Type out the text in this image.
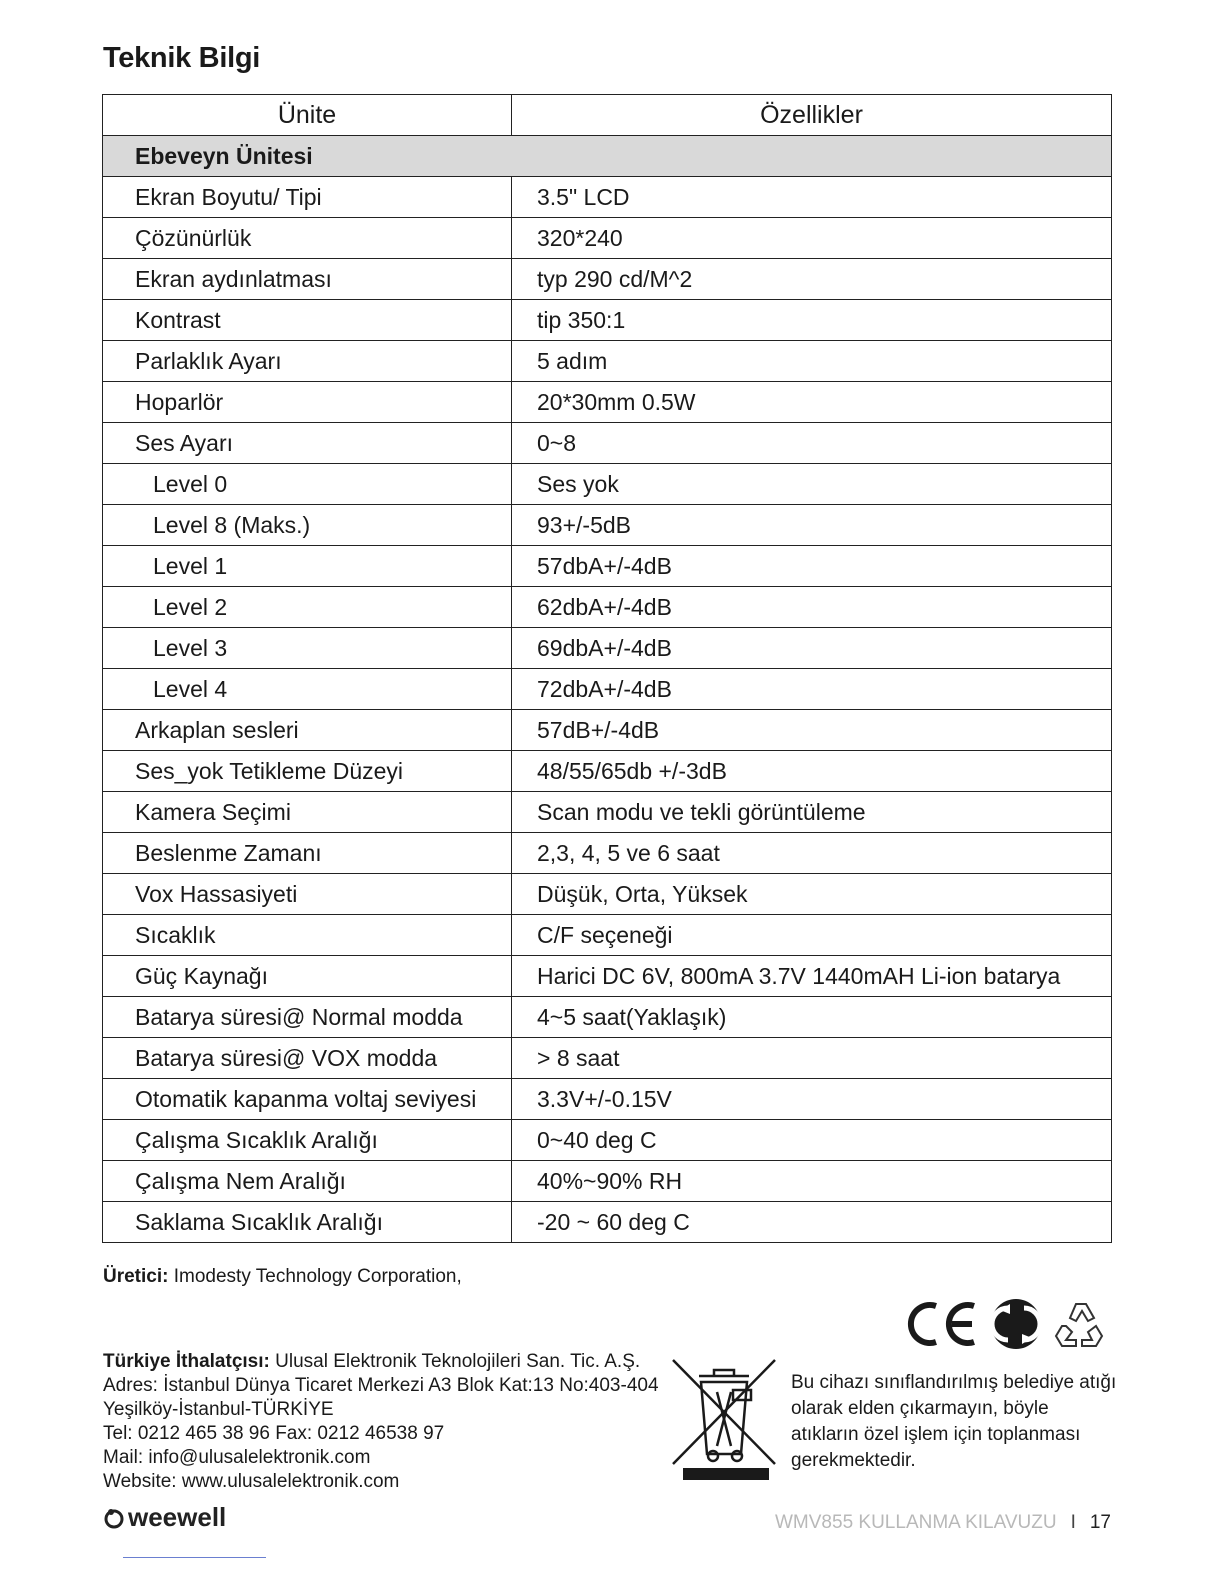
Teknik Bilgi
Ünite	Özellikler
Ebeveyn Ünitesi	
Ekran Boyutu/ Tipi	3.5" LCD
Çözünürlük	320*240
Ekran aydınlatması	typ 290 cd/M^2
Kontrast	tip 350:1
Parlaklık Ayarı	5 adım
Hoparlör	20*30mm 0.5W
Ses Ayarı	0~8
Level 0	Ses yok
Level 8 (Maks.)	93+/-5dB
Level 1	57dbA+/-4dB
Level 2	62dbA+/-4dB
Level 3	69dbA+/-4dB
Level 4	72dbA+/-4dB
Arkaplan sesleri	57dB+/-4dB
Ses_yok Tetikleme Düzeyi	48/55/65db +/-3dB
Kamera Seçimi	Scan modu ve tekli görüntüleme
Beslenme Zamanı	2,3, 4, 5 ve 6 saat
Vox Hassasiyeti	Düşük, Orta, Yüksek
Sıcaklık	C/F seçeneği
Güç Kaynağı	Harici DC 6V, 800mA 3.7V 1440mAH Li-ion batarya
Batarya süresi@ Normal modda	4~5 saat(Yaklaşık)
Batarya süresi@ VOX modda	> 8 saat
Otomatik kapanma voltaj seviyesi	3.3V+/-0.15V
Çalışma Sıcaklık Aralığı	0~40 deg C
Çalışma Nem Aralığı	40%~90% RH
Saklama Sıcaklık Aralığı	-20 ~ 60 deg C
Üretici: Imodesty Technology Corporation,
Türkiye İthalatçısı: Ulusal Elektronik Teknolojileri San. Tic. A.Ş.
Adres: İstanbul Dünya Ticaret Merkezi A3 Blok Kat:13 No:403-404
Yeşilköy-İstanbul-TÜRKİYE
Tel: 0212 465 38 96 Fax: 0212 46538 97
Mail: info@ulusalelektronik.com
Website: www.ulusalelektronik.com
Bu cihazı sınıflandırılmış belediye atığı olarak elden çıkarmayın, böyle atıkların özel işlem için toplanması gerekmektedir.
weewell	WMV855 KULLANMA KILAVUZU I 17
